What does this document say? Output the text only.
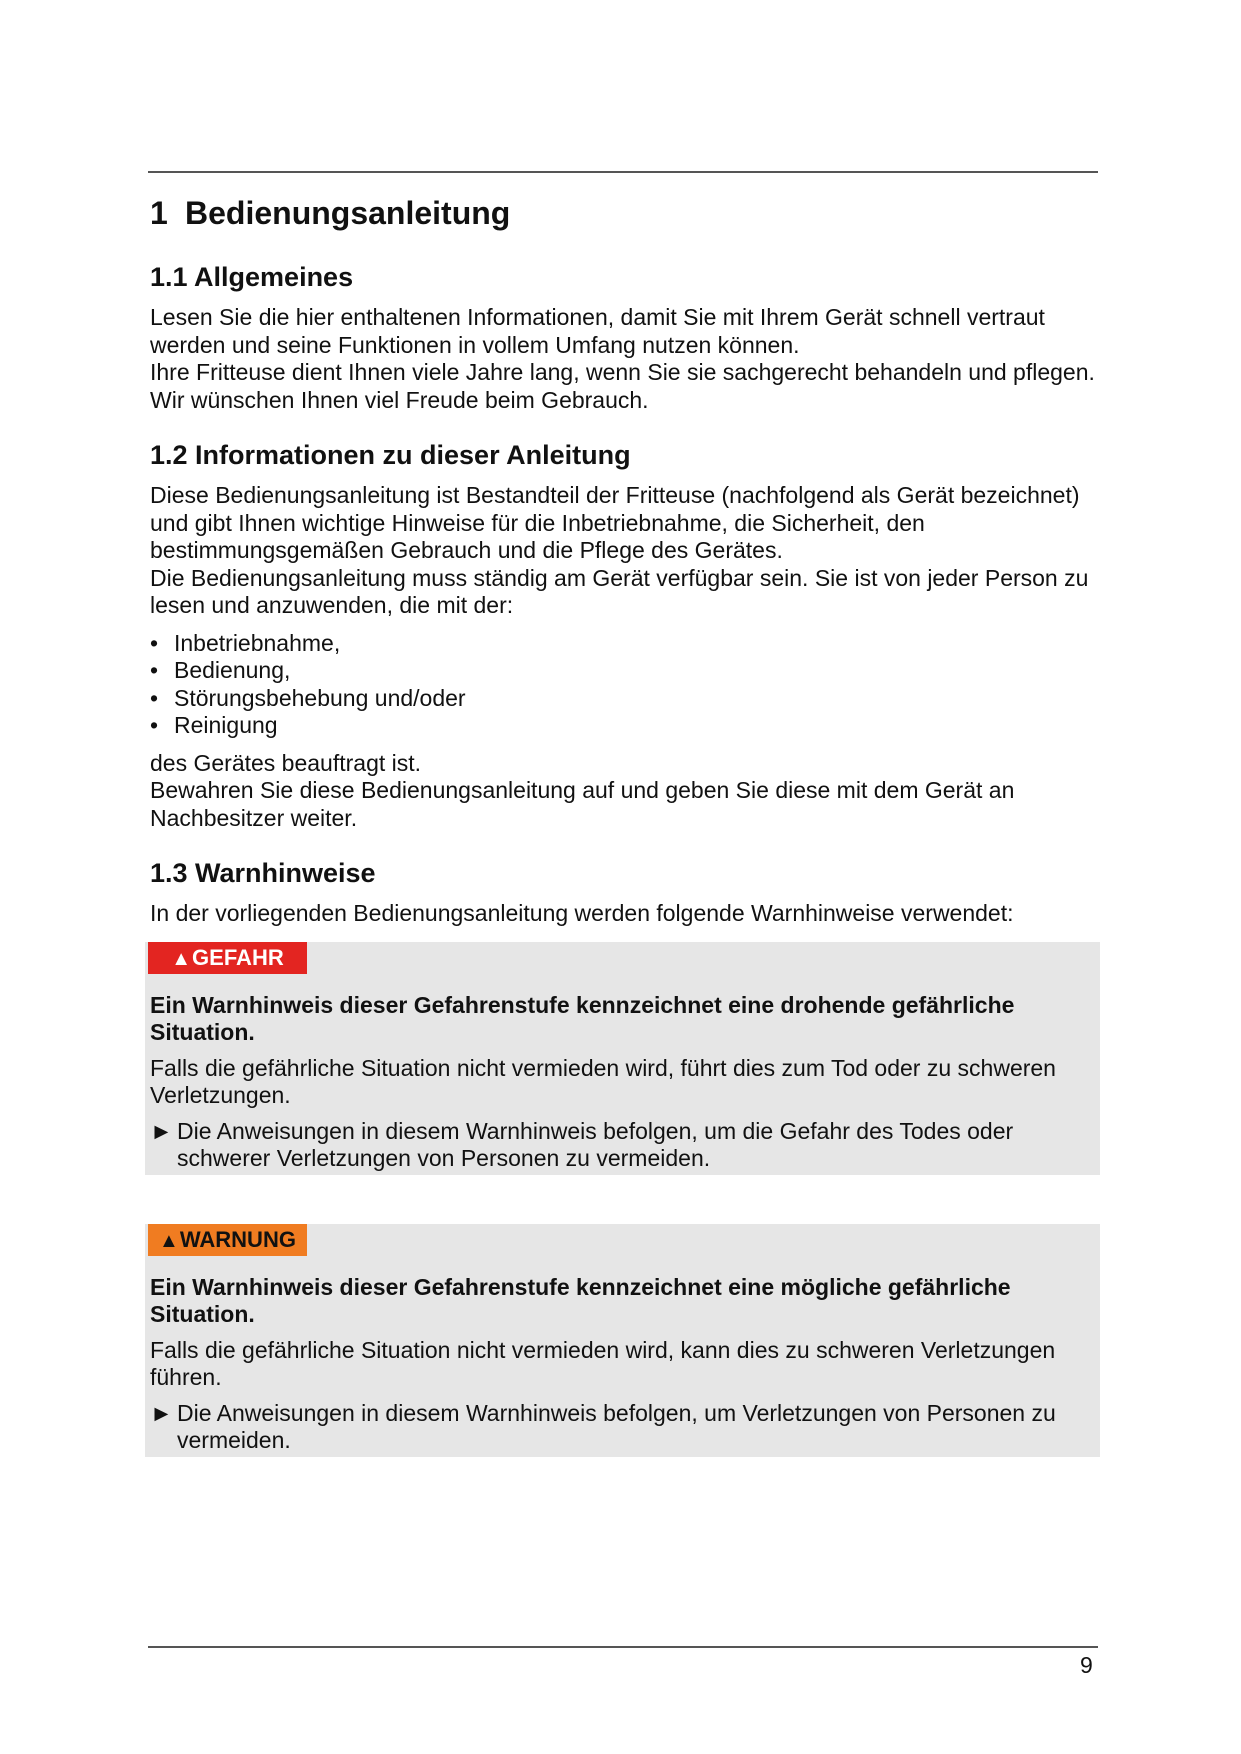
1 Bedienungsanleitung
1.1 Allgemeines

Lesen Sie die hier enthaltenen Informationen, damit Sie mit Ihrem Gerät schnell vertraut werden und seine Funktionen in vollem Umfang nutzen können.

Ihre Fritteuse dient Ihnen viele Jahre lang, wenn Sie sie sachgerecht behandeln und pflegen. Wir wünschen Ihnen viel Freude beim Gebrauch.

1.2 Informationen zu dieser Anleitung

Diese Bedienungsanleitung ist Bestandteil der Fritteuse (nachfolgend als Gerät bezeichnet) und gibt Ihnen wichtige Hinweise für die Inbetriebnahme, die Sicherheit, den bestimmungsgemäßen Gebrauch und die Pflege des Gerätes.

Die Bedienungsanleitung muss ständig am Gerät verfügbar sein. Sie ist von jeder Person zu lesen und anzuwenden, die mit der:

• Inbetriebnahme,
• Bedienung,
• Störungsbehebung und/oder
• Reinigung

des Gerätes beauftragt ist.

Bewahren Sie diese Bedienungsanleitung auf und geben Sie diese mit dem Gerät an Nachbesitzer weiter.

1.3 Warnhinweise

In der vorliegenden Bedienungsanleitung werden folgende Warnhinweise verwendet:

▲GEFAHR
Ein Warnhinweis dieser Gefahrenstufe kennzeichnet eine drohende gefährliche Situation.

Falls die gefährliche Situation nicht vermieden wird, führt dies zum Tod oder zu schweren Verletzungen.

► Die Anweisungen in diesem Warnhinweis befolgen, um die Gefahr des Todes oder schwerer Verletzungen von Personen zu vermeiden.
▲WARNUNG
Ein Warnhinweis dieser Gefahrenstufe kennzeichnet eine mögliche gefährliche Situation.

Falls die gefährliche Situation nicht vermieden wird, kann dies zu schweren Verletzungen führen.

► Die Anweisungen in diesem Warnhinweis befolgen, um Verletzungen von Personen zu vermeiden.
9
